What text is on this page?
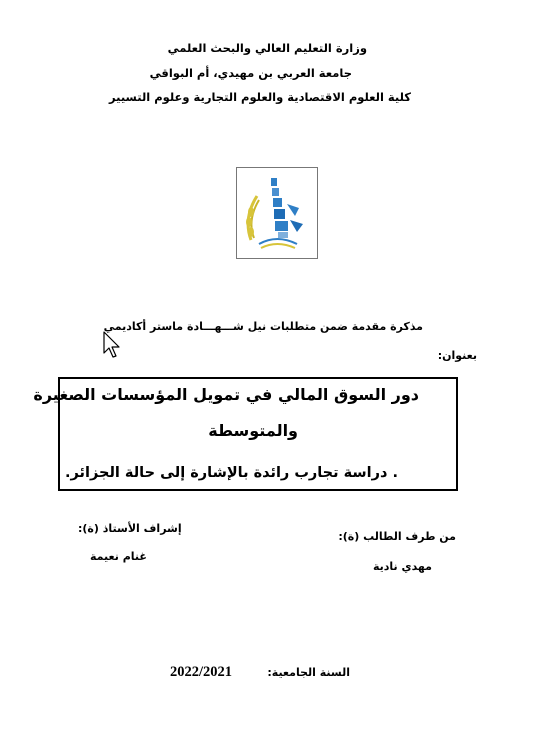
وزارة التعليم العالي والبحث العلمي
جامعة العربي بن مهيدي، أم البواقي
كلية العلوم الاقتصادية والعلوم التجارية وعلوم التسيير
مذكرة مقدمة ضمن متطلبات نيل شـــهـــادة ماستر أكاديمي
بعنوان:
دور السوق المالي في تمويل المؤسسات الصغيرة
والمتوسطة
. دراسة تجارب رائدة بالإشارة إلى حالة الجزائر.
إشراف الأستاذ (ة):
غنام نعيمة
من طرف الطالب (ة):
مهدي نادية
السنة الجامعية:
2022/2021
